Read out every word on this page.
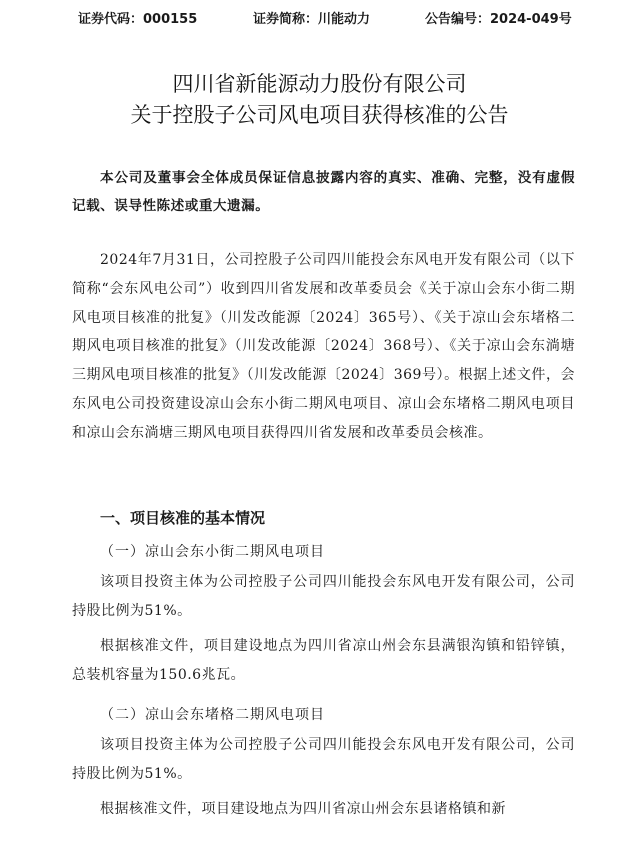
证券代码：000155	证券简称：川能动力	公告编号：2024-049号
四川省新能源动力股份有限公司
关于控股子公司风电项目获得核准的公告

本公司及董事会全体成员保证信息披露内容的真实、准确、完整，没有虚假记载、误导性陈述或重大遗漏。

2024年7月31日，公司控股子公司四川能投会东风电开发有限公司（以下简称“会东风电公司”）收到四川省发展和改革委员会《关于凉山会东小街二期风电项目核准的批复》（川发改能源〔2024〕365号）、《关于凉山会东堵格二期风电项目核准的批复》（川发改能源〔2024〕368号）、《关于凉山会东淌塘三期风电项目核准的批复》（川发改能源〔2024〕369号）。根据上述文件，会东风电公司投资建设凉山会东小街二期风电项目、凉山会东堵格二期风电项目和凉山会东淌塘三期风电项目获得四川省发展和改革委员会核准。

一、项目核准的基本情况
（一）凉山会东小街二期风电项目

该项目投资主体为公司控股子公司四川能投会东风电开发有限公司，公司持股比例为51%。

根据核准文件，项目建设地点为四川省凉山州会东县满银沟镇和铅锌镇，总装机容量为150.6兆瓦。

（二）凉山会东堵格二期风电项目

该项目投资主体为公司控股子公司四川能投会东风电开发有限公司，公司持股比例为51%。

根据核准文件，项目建设地点为四川省凉山州会东县诸格镇和新
